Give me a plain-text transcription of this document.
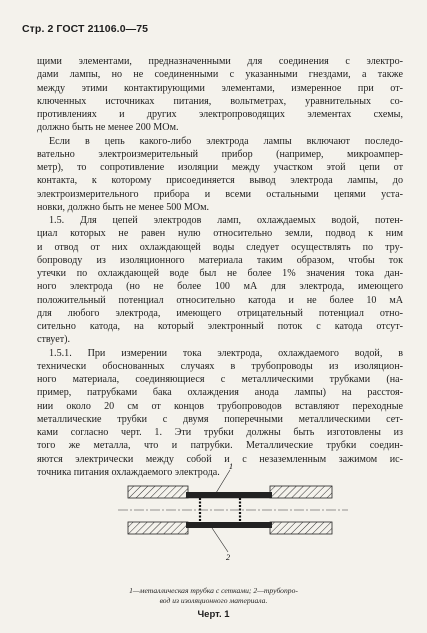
Стр. 2 ГОСТ 21106.0—75
щими элементами, предназначенными для соединения с электро-
дами лампы, но не соединенными с указанными гнездами, а также
между этими контактирующими элементами, измеренное при от-
ключенных источниках питания, вольтметрах, уравнительных со-
противлениях и других электропроводящих элементах схемы,
должно быть не менее 200 МОм.
Если в цепь какого-либо электрода лампы включают последо-
вательно электроизмерительный прибор (например, микроампер-
метр), то сопротивление изоляции между участком этой цепи от
контакта, к которому присоединяется вывод электрода лампы, до
электроизмерительного прибора и всеми остальными цепями уста-
новки, должно быть не менее 500 МОм.
1.5. Для цепей электродов ламп, охлаждаемых водой, потен-
циал которых не равен нулю относительно земли, подвод к ним
и отвод от них охлаждающей воды следует осуществлять по тру-
бопроводу из изоляционного материала таким образом, чтобы ток
утечки по охлаждающей воде был не более 1% значения тока дан-
ного электрода (но не более 100 мА для электрода, имеющего
положительный потенциал относительно катода и не более 10 мА
для любого электрода, имеющего отрицательный потенциал отно-
сительно катода, на который электронный поток с катода отсут-
ствует).
1.5.1. При измерении тока электрода, охлаждаемого водой, в
технически обоснованных случаях в трубопроводы из изоляцион-
ного материала, соединяющиеся с металлическими трубками (на-
пример, патрубками бака охлаждения анода лампы) на расстоя-
нии около 20 см от концов трубопроводов вставляют переходные
металлические трубки с двумя поперечными металлическими сет-
ками согласно черт. 1. Эти трубки должны быть изготовлены из
того же металла, что и патрубки. Металлические трубки соедин-
яются электрически между собой и с незаземленным зажимом ис-
точника питания охлаждаемого электрода.
1
2
1—металлическая трубка с сетками; 2—трубопро-
вод из изоляционного материала.
Черт. 1
